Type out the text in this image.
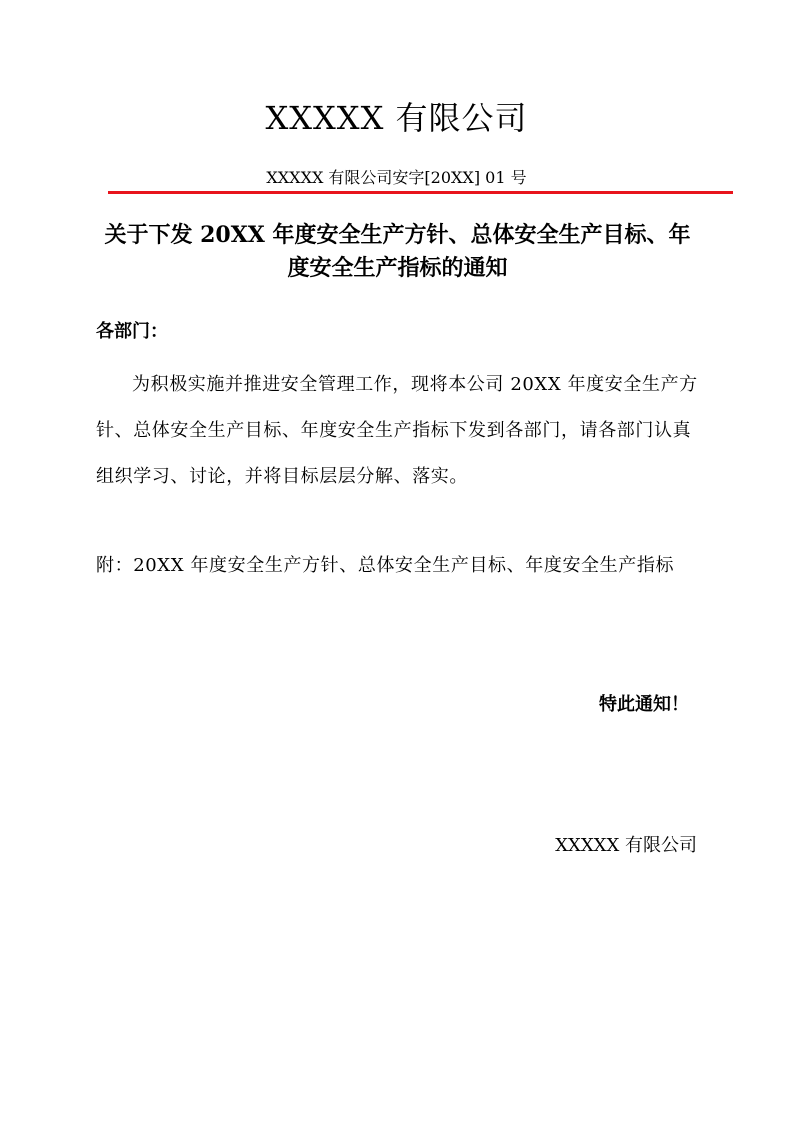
XXXXX 有限公司
XXXXX 有限公司安字[20XX] 01 号
关于下发 20XX 年度安全生产方针、总体安全生产目标、年度安全生产指标的通知
各部门：
为积极实施并推进安全管理工作，现将本公司 20XX 年度安全生产方针、总体安全生产目标、年度安全生产指标下发到各部门，请各部门认真组织学习、讨论，并将目标层层分解、落实。
附：20XX 年度安全生产方针、总体安全生产目标、年度安全生产指标
特此通知！
XXXXX 有限公司
